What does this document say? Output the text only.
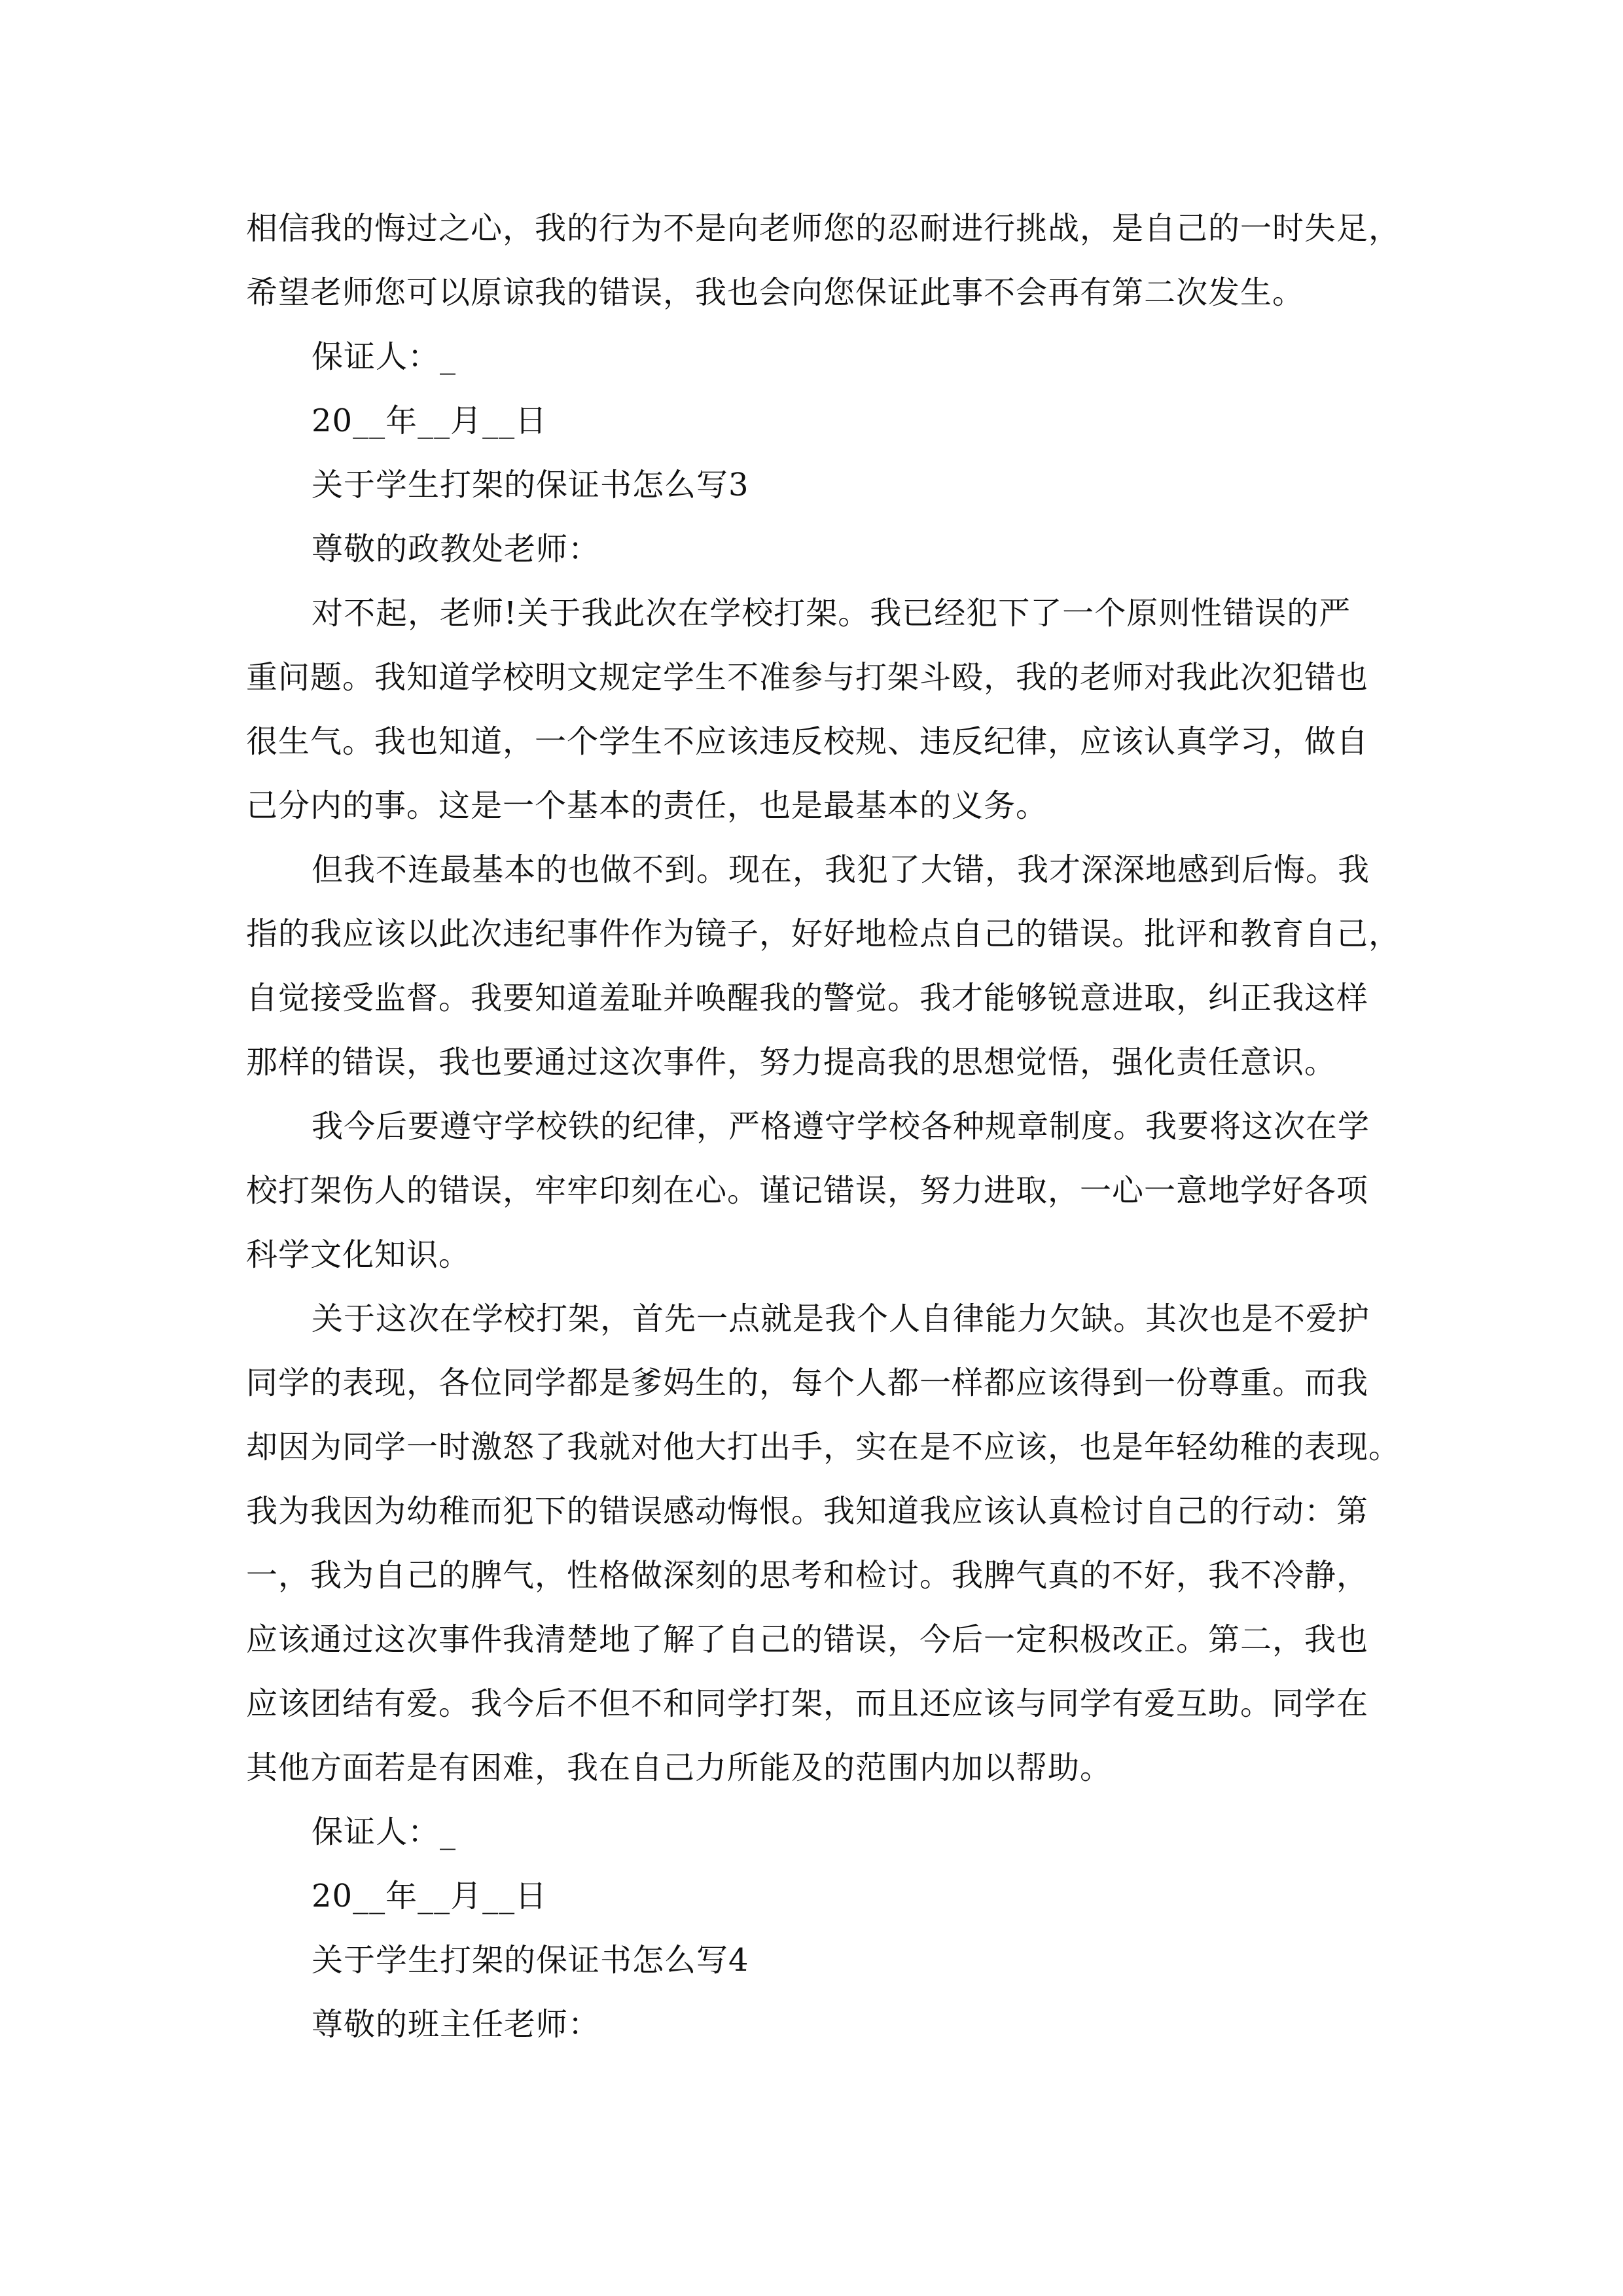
相信我的悔过之心，我的行为不是向老师您的忍耐进行挑战，是自己的一时失足，
希望老师您可以原谅我的错误，我也会向您保证此事不会再有第二次发生。
保证人：_
20__年__月__日
关于学生打架的保证书怎么写3
尊敬的政教处老师：
对不起，老师!关于我此次在学校打架。我已经犯下了一个原则性错误的严
重问题。我知道学校明文规定学生不准参与打架斗殴，我的老师对我此次犯错也
很生气。我也知道，一个学生不应该违反校规、违反纪律，应该认真学习，做自
己分内的事。这是一个基本的责任，也是最基本的义务。
但我不连最基本的也做不到。现在，我犯了大错，我才深深地感到后悔。我
指的我应该以此次违纪事件作为镜子，好好地检点自己的错误。批评和教育自己，
自觉接受监督。我要知道羞耻并唤醒我的警觉。我才能够锐意进取，纠正我这样
那样的错误，我也要通过这次事件，努力提高我的思想觉悟，强化责任意识。
我今后要遵守学校铁的纪律，严格遵守学校各种规章制度。我要将这次在学
校打架伤人的错误，牢牢印刻在心。谨记错误，努力进取，一心一意地学好各项
科学文化知识。
关于这次在学校打架，首先一点就是我个人自律能力欠缺。其次也是不爱护
同学的表现，各位同学都是爹妈生的，每个人都一样都应该得到一份尊重。而我
却因为同学一时激怒了我就对他大打出手，实在是不应该，也是年轻幼稚的表现。
我为我因为幼稚而犯下的错误感动悔恨。我知道我应该认真检讨自己的行动：第
一，我为自己的脾气，性格做深刻的思考和检讨。我脾气真的不好，我不冷静，
应该通过这次事件我清楚地了解了自己的错误，今后一定积极改正。第二，我也
应该团结有爱。我今后不但不和同学打架，而且还应该与同学有爱互助。同学在
其他方面若是有困难，我在自己力所能及的范围内加以帮助。
保证人：_
20__年__月__日
关于学生打架的保证书怎么写4
尊敬的班主任老师：
